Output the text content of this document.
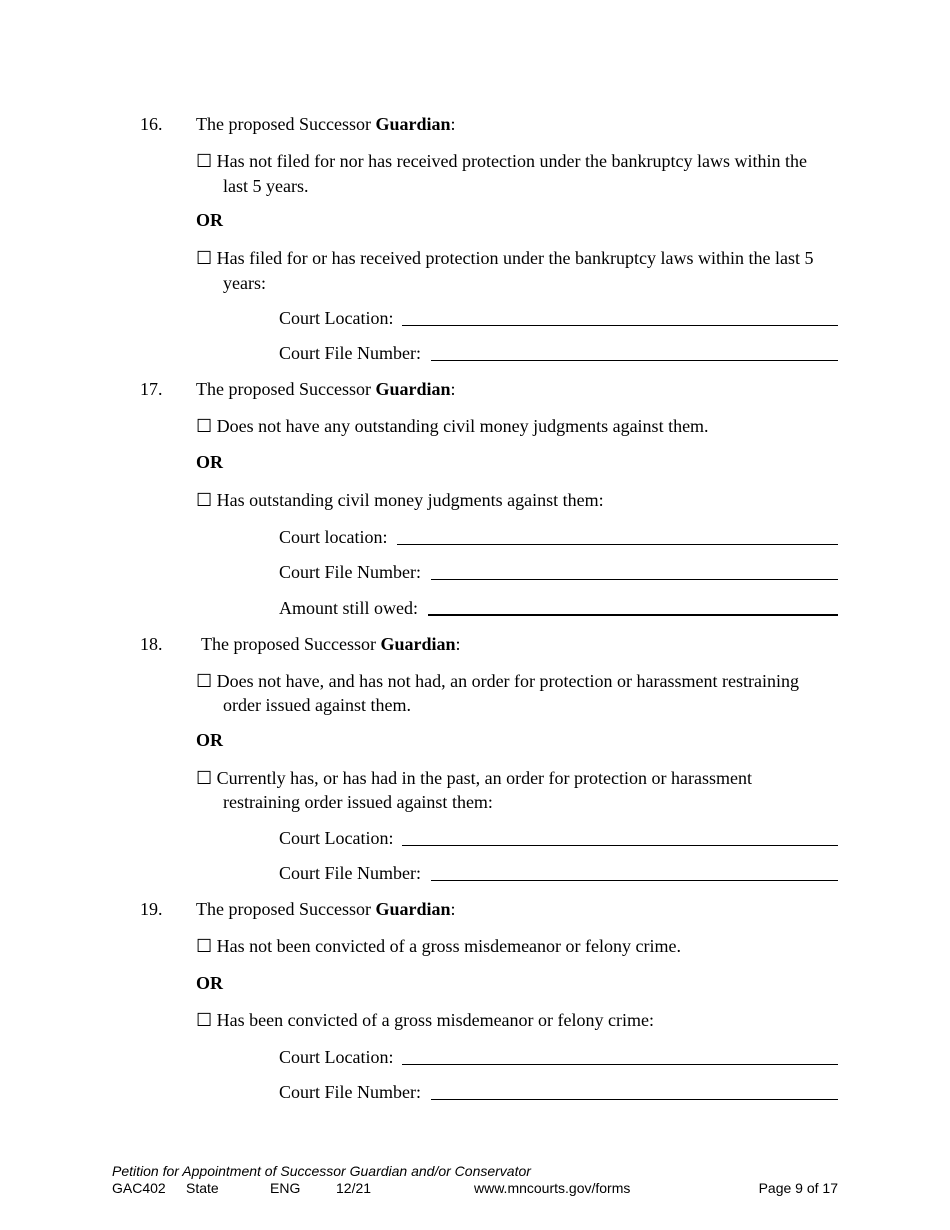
16. The proposed Successor Guardian:
☐ Has not filed for nor has received protection under the bankruptcy laws within the
last 5 years.
OR
☐ Has filed for or has received protection under the bankruptcy laws within the last 5
years:
Court Location:
Court File Number:
17. The proposed Successor Guardian:
☐ Does not have any outstanding civil money judgments against them.
OR
☐ Has outstanding civil money judgments against them:
Court location:
Court File Number:
Amount still owed:
18. The proposed Successor Guardian:
☐ Does not have, and has not had, an order for protection or harassment restraining
order issued against them.
OR
☐ Currently has, or has had in the past, an order for protection or harassment
restraining order issued against them:
Court Location:
Court File Number:
19. The proposed Successor Guardian:
☐ Has not been convicted of a gross misdemeanor or felony crime.
OR
☐ Has been convicted of a gross misdemeanor or felony crime:
Court Location:
Court File Number:
Petition for Appointment of Successor Guardian and/or Conservator
GAC402 State	ENG	12/21	www.mncourts.gov/forms	Page 9 of 17
